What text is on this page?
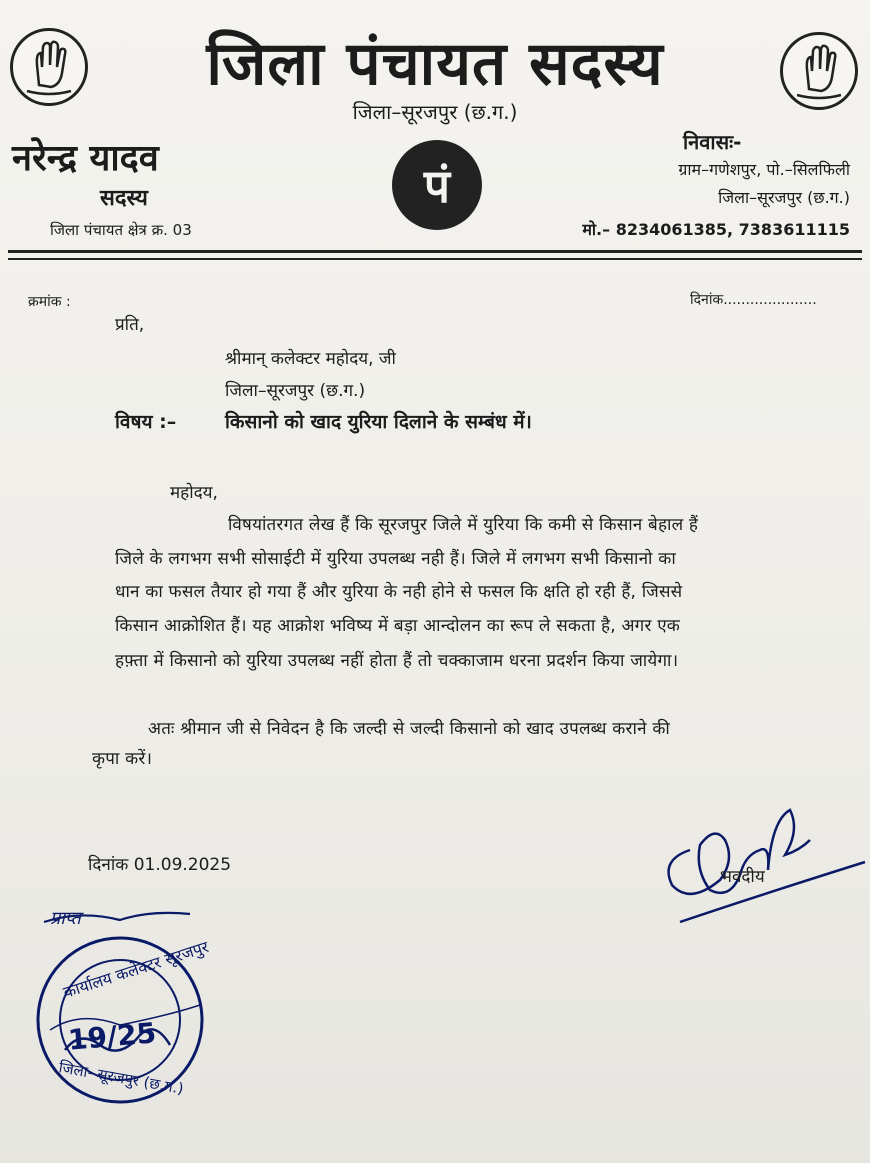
जिला पंचायत सदस्य
जिला–सूरजपुर (छ.ग.)
नरेन्द्र यादव
सदस्य
जिला पंचायत क्षेत्र क्र. 03
पं
निवासः-
ग्राम–गणेशपुर, पो.–सिलफिली
जिला–सूरजपुर (छ.ग.)
मो.– 8234061385, 7383611115
क्रमांक :	दिनांक.....................
प्रति,
श्रीमान् कलेक्टर महोदय, जी
जिला–सूरजपुर (छ.ग.)
विषय :–	किसानो को खाद युरिया दिलाने के सम्बंध में।
महोदय,
विषयांतरगत लेख हैं कि सूरजपुर जिले में युरिया कि कमी से किसान बेहाल हैं
जिले के लगभग सभी सोसाईटी में युरिया उपलब्ध नही हैं। जिले में लगभग सभी किसानो का
धान का फसल तैयार हो गया हैं और युरिया के नही होने से फसल कि क्षति हो रही हैं, जिससे
किसान आक्रोशित हैं। यह आक्रोश भविष्य में बड़ा आन्दोलन का रूप ले सकता है, अगर एक
हफ़्ता में किसानो को युरिया उपलब्ध नहीं होता हैं तो चक्काजाम धरना प्रदर्शन किया जायेगा।
अतः श्रीमान जी से निवेदन है कि जल्दी से जल्दी किसानो को खाद उपलब्ध कराने की
कृपा करें।
दिनांक 01.09.2025
भवदीय
कार्यालय कलेक्टर सूरजपुर
जिला- सूरजपुर (छ.ग.)
19/25
प्राप्त
